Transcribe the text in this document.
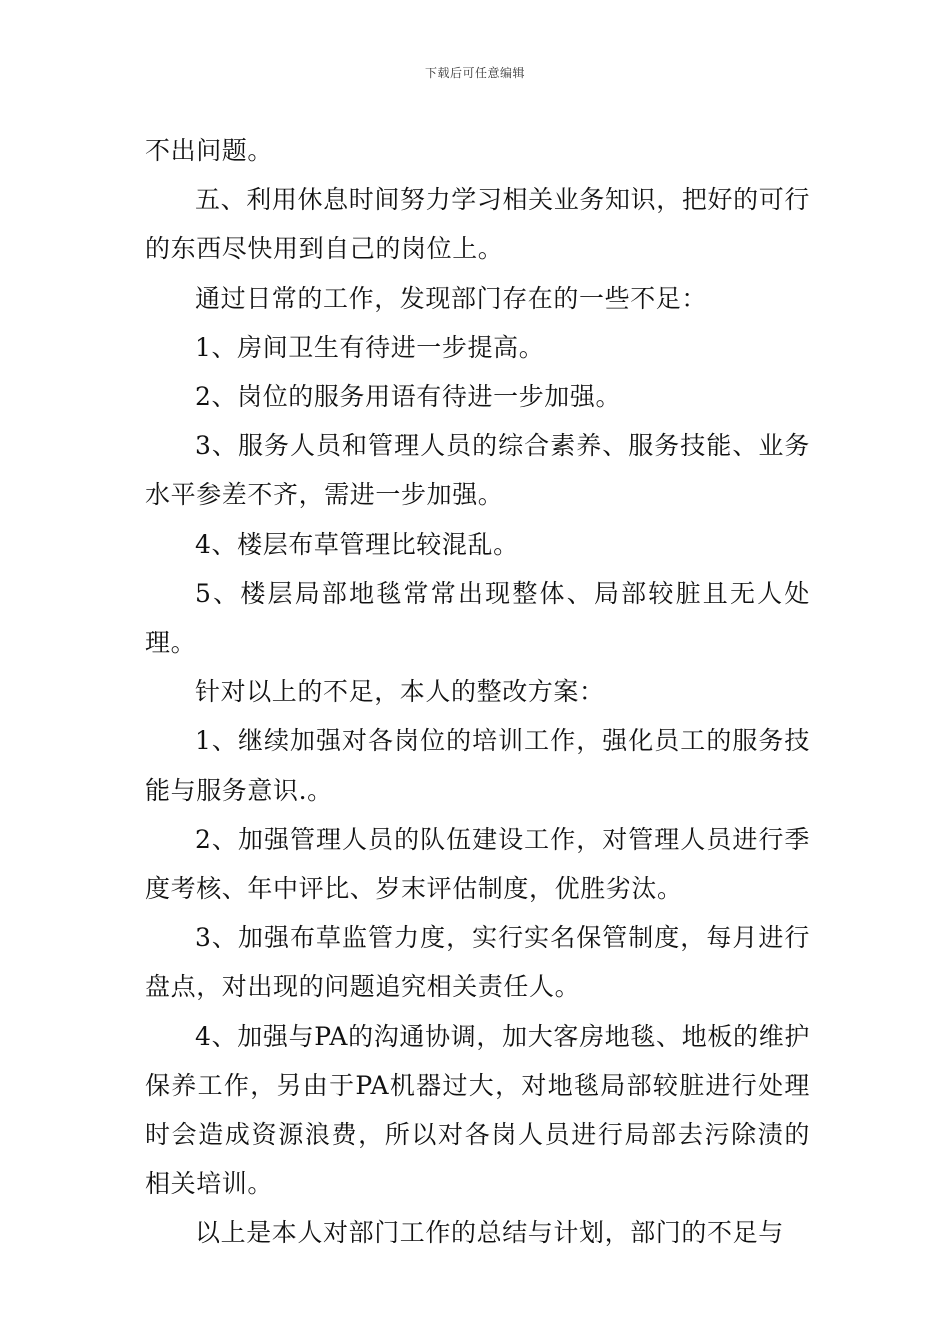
下载后可任意编辑

不出问题。

五、利用休息时间努力学习相关业务知识，把好的可行的东西尽快用到自己的岗位上。

通过日常的工作，发现部门存在的一些不足：

1、房间卫生有待进一步提高。

2、岗位的服务用语有待进一步加强。

3、服务人员和管理人员的综合素养、服务技能、业务水平参差不齐，需进一步加强。

4、楼层布草管理比较混乱。

5、楼层局部地毯常常出现整体、局部较脏且无人处理。

针对以上的不足，本人的整改方案：

1、继续加强对各岗位的培训工作，强化员工的服务技能与服务意识.。

2、加强管理人员的队伍建设工作，对管理人员进行季度考核、年中评比、岁末评估制度，优胜劣汰。

3、加强布草监管力度，实行实名保管制度，每月进行盘点，对出现的问题追究相关责任人。

4、加强与PA的沟通协调，加大客房地毯、地板的维护保养工作，另由于PA机器过大，对地毯局部较脏进行处理时会造成资源浪费，所以对各岗人员进行局部去污除渍的相关培训。

以上是本人对部门工作的总结与计划，部门的不足与
